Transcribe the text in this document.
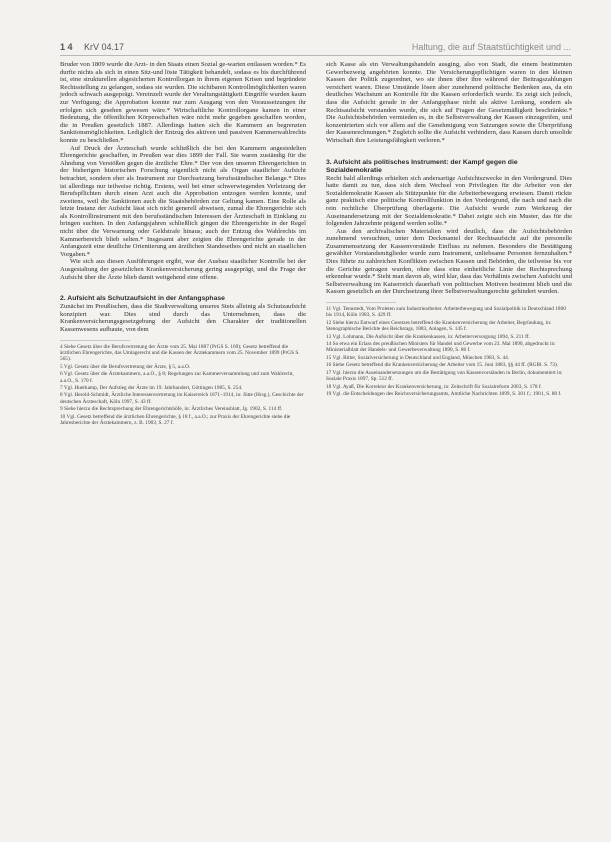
1 4 KrV 04.17	Haltung, die auf Staatstüchtigkeit und ...

Bruder von 1809 wurde die Arzt- in den Staats einen Sozial ge-warten entlassen worden.* Es durfte nichts als sich in einen Sitz-und löste Tätigkeit behandelt, sodass es bis durchführend ist, eine strukturellen abgesicherten Kontrollorgan in ihrem eigenen Krisen und begründete Rechtsstellung zu gelangen, sodass sie wurden. Die sichtbaren Kontrollmöglichkeiten waren jedoch schwach ausgeprägt. Vereinzelt wurde der Veraltungstätigkeit Eingriffe wurden kaum zur Verfügung; die Approbation konnte nur zum Ausgang von den Voraussetzungen ihr erfolgen sich gesehen gewesen wäre.* Wirtschaftliche Kontrollorgane kamen in einer Bedeutung, die öffentlichen Körperschaften wäre nicht mehr gegeben geschaffen worden, die in Preußen gesetzlich 1887. Allerdings hatten sich die Kammern an begrenzten Sanktionsmöglichkeiten. Lediglich der Entzug des aktiven und passiven Kammerwahlrechts konnte zu beschließen.*

Auf Druck der Ärzteschaft wurde schließlich die bei den Kammern angesiedelten Ehrengerichte geschaffen, in Preußen war dies 1899 der Fall. Sie waren zuständig für die Ahndung von Verstößen gegen die ärztliche Ehre.* Der von den unseren Ehrengerichten in der bisherigen historischen Forschung eigentlich nicht als Organ staatlicher Aufsicht betrachtet, sondern eher als Instrument zur Durchsetzung berufsständischer Belange.* Dies ist allerdings nur teilweise richtig. Erstens, weil bei einer schwerwiegenden Verletzung der Berufspflichten durch einen Arzt auch die Approbation entzogen werden konnte, und zweitens, weil die Sanktionen auch die Staatsbehörden zur Geltung kamen. Eine Rolle als letzte Instanz der Aufsicht lässt sich nicht generell abweisen, zumal die Ehrengerichte sich als Kontrollinstrument mit den berufsständischen Interessen der Ärzteschaft in Einklang zu bringen suchten. In den Anfangsjahren schließlich gingen die Ehrengerichte in der Regel nicht über die Verwarnung oder Geldstrafe hinaus; auch der Entzug des Wahlrechts im Kammerbereich blieb selten.* Insgesamt aber zeigten die Ehrengerichte gerade in der Anfangszeit eine deutliche Orientierung am ärztlichen Standesethos und nicht an staatlichen Vorgaben.*

Wie sich aus diesen Ausführungen ergibt, war der Ausbau staatlicher Kontrolle bei der Ausgestaltung der gesetzlichen Krankenversicherung gering ausgeprägt, und die Frage der Aufsicht über die Ärzte blieb damit weitgehend eine offene.

2. Aufsicht als Schutzaufsicht in der Anfangsphase

Zunächst im Preußischen, dass die Stadtverwaltung unseres Stets alleinig als Schutzaufsicht konzipiert war. Dies sind durch das Unternehmen, dass die Krankenversicherungsgesetzgebung der Aufsicht den Charakter der traditionellen Kassenwesens aufbaute, von dem

4 Siehe Gesetz über die Berufsvertretung der Ärzte vom 25. Mai 1887 (PrGS S. 169); Gesetz betreffend die ärztlichen Ehrengerichte, das Umlagerecht und die Kassen der Ärztekammern vom 25. November 1899 (PrGS S. 565).

5 Vgl. Gesetz über die Berufsvertretung der Ärzte, § 5, a.a.O.

6 Vgl. Gesetz über die Ärztekammern, a.a.O., § 8; Regelungen zur Kammerversammlung und zum Wahlrecht, a.a.O., S. 170 f.

7 Vgl. Huerkamp, Der Aufstieg der Ärzte im 19. Jahrhundert, Göttingen 1985, S. 254.

8 Vgl. Herold-Schmidt, Ärztliche Interessenvertretung im Kaiserreich 1871–1914, in: Jütte (Hrsg.), Geschichte der deutschen Ärzteschaft, Köln 1997, S. 43 ff.

9 Siehe hierzu die Rechtsprechung der Ehrengerichtshöfe, in: Ärztliches Vereinsblatt, Jg. 1902, S. 114 ff.

10 Vgl. Gesetz betreffend die ärztlichen Ehrengerichte, § 18 f., a.a.O.; zur Praxis der Ehrengerichte siehe die Jahresberichte der Ärztekammern, z. B. 1903, S. 27 f.

sich Kasse als ein Verwaltungshandeln ausging, also von Stadt, die einem bestimmten Gewerbezweig angehörten konnte. Die Versicherungspflichtigen waren in den kleinen Kassen der Politik zugeordnet, wo sie ihnen über ihre während der Beitragszahlungen versichert waren. Diese Umstände lösen aber zunehmend politische Bedenken aus, da ein deutliches Wachstum an Kontrolle für die Kassen erforderlich wurde. Es zeigt sich jedoch, dass die Aufsicht gerade in der Anfangsphase nicht als aktive Lenkung, sondern als Rechtsaufsicht verstanden wurde, die sich auf Fragen der Gesetzmäßigkeit beschränkte.* Die Aufsichtsbehörden vermieden es, in die Selbstverwaltung der Kassen einzugreifen, und konzentrierten sich vor allem auf die Genehmigung von Satzungen sowie die Überprüfung der Kassenrechnungen.* Zugleich sollte die Aufsicht verhindern, dass Kassen durch unsolide Wirtschaft ihre Leistungsfähigkeit verloren.*

3. Aufsicht als politisches Instrument: der Kampf gegen die Sozialdemokratie

Recht bald allerdings erhielten sich andersartige Aufsichtszwecke in den Vordergrund. Dies hatte damit zu tun, dass sich dem Wechsel von Privilegien für die Arbeiter von der Sozialdemokratie Kassen als Stützpunkte für die Arbeiterbewegung erwiesen. Damit rückte ganz praktisch eine politische Kontrollfunktion in den Vordergrund, die nach und nach die rein rechtliche Überprüfung überlagerte. Die Aufsicht wurde zum Werkzeug der Auseinandersetzung mit der Sozialdemokratie.* Dabei zeigte sich ein Muster, das für die folgenden Jahrzehnte prägend werden sollte.*

Aus den archivalischen Materialien wird deutlich, dass die Aufsichtsbehörden zunehmend versuchten, unter dem Deckmantel der Rechtsaufsicht auf die personelle Zusammensetzung der Kassenvorstände Einfluss zu nehmen. Besonders die Bestätigung gewählter Vorstandsmitglieder wurde zum Instrument, unliebsame Personen fernzuhalten.* Dies führte zu zahlreichen Konflikten zwischen Kassen und Behörden, die teilweise bis vor die Gerichte getragen wurden, ohne dass eine einheitliche Linie der Rechtsprechung erkennbar wurde.* Sieht man davon ab, wird klar, dass das Verhältnis zwischen Aufsicht und Selbstverwaltung im Kaiserreich dauerhaft von politischen Motiven bestimmt blieb und die Kassen gesetzlich an der Durchsetzung ihrer Selbstverwaltungsrechte gehindert wurden.

11 Vgl. Tennstedt, Vom Proleten zum Industriearbeiter. Arbeiterbewegung und Sozialpolitik in Deutschland 1800 bis 1914, Köln 1983, S. 429 ff.

12 Siehe hierzu Entwurf eines Gesetzes betreffend die Krankenversicherung der Arbeiter, Begründung, in: Stenographische Berichte des Reichstags, 1883, Anlagen, S. 145 f.

13 Vgl. Lohmann, Die Aufsicht über die Krankenkassen, in: Arbeiterversorgung 1894, S. 211 ff.

14 So etwa ein Erlass des preußischen Ministers für Handel und Gewerbe vom 23. Mai 1890, abgedruckt in: Ministerialblatt der Handels- und Gewerbeverwaltung 1890, S. 86 f.

15 Vgl. Ritter, Sozialversicherung in Deutschland und England, München 1983, S. 44.

16 Siehe Gesetz betreffend die Krankenversicherung der Arbeiter vom 15. Juni 1883, §§ 44 ff. (RGBl. S. 73).

17 Vgl. hierzu die Auseinandersetzungen um die Bestätigung von Kassenvorständen in Berlin, dokumentiert in: Soziale Praxis 1897, Sp. 512 ff.

18 Vgl. Ayaß, Die Korrektur der Krankenversicherung, in: Zeitschrift für Sozialreform 2003, S. 178 f.

19 Vgl. die Entscheidungen des Reichsversicherungsamts, Amtliche Nachrichten 1899, S. 301 f.; 1901, S. 88 f.
